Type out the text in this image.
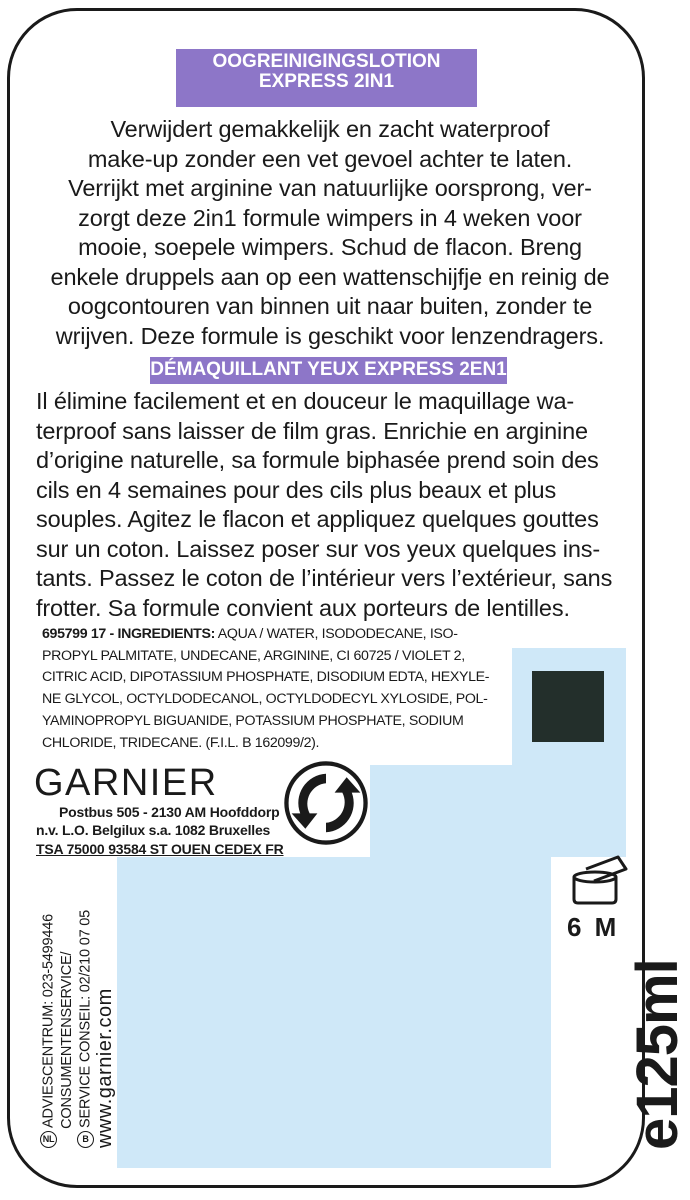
OOGREINIGINGSLOTION
EXPRESS 2IN1
Verwijdert gemakkelijk en zacht waterproof
make-up zonder een vet gevoel achter te laten.
Verrijkt met arginine van natuurlijke oorsprong, ver-
zorgt deze 2in1 formule wimpers in 4 weken voor
mooie, soepele wimpers. Schud de flacon. Breng
enkele druppels aan op een wattenschijfje en reinig de
oogcontouren van binnen uit naar buiten, zonder te
wrijven. Deze formule is geschikt voor lenzendragers.
DÉMAQUILLANT YEUX EXPRESS 2EN1
Il élimine facilement et en douceur le maquillage wa-
terproof sans laisser de film gras. Enrichie en arginine
d’origine naturelle, sa formule biphasée prend soin des
cils en 4 semaines pour des cils plus beaux et plus
souples. Agitez le flacon et appliquez quelques gouttes
sur un coton. Laissez poser sur vos yeux quelques ins-
tants. Passez le coton de l’intérieur vers l’extérieur, sans
frotter. Sa formule convient aux porteurs de lentilles.
695799 17 - INGREDIENTS: AQUA / WATER, ISODODECANE, ISO-
PROPYL PALMITATE, UNDECANE, ARGININE, CI 60725 / VIOLET 2,
CITRIC ACID, DIPOTASSIUM PHOSPHATE, DISODIUM EDTA, HEXYLE-
NE GLYCOL, OCTYLDODECANOL, OCTYLDODECYL XYLOSIDE, POL-
YAMINOPROPYL BIGUANIDE, POTASSIUM PHOSPHATE, SODIUM
CHLORIDE, TRIDECANE. (F.I.L. B 162099/2).
GARNIER
Postbus 505 - 2130 AM Hoofddorp
n.v. L.O. Belgilux s.a. 1082 Bruxelles
TSA 75000 93584 ST OUEN CEDEX FR
NLADVIESCENTRUM: 023-5499446 CONSUMENTENSERVICE/
BSERVICE CONSEIL: 02/210 07 05 www.garnier.com
6 M
e125ml
